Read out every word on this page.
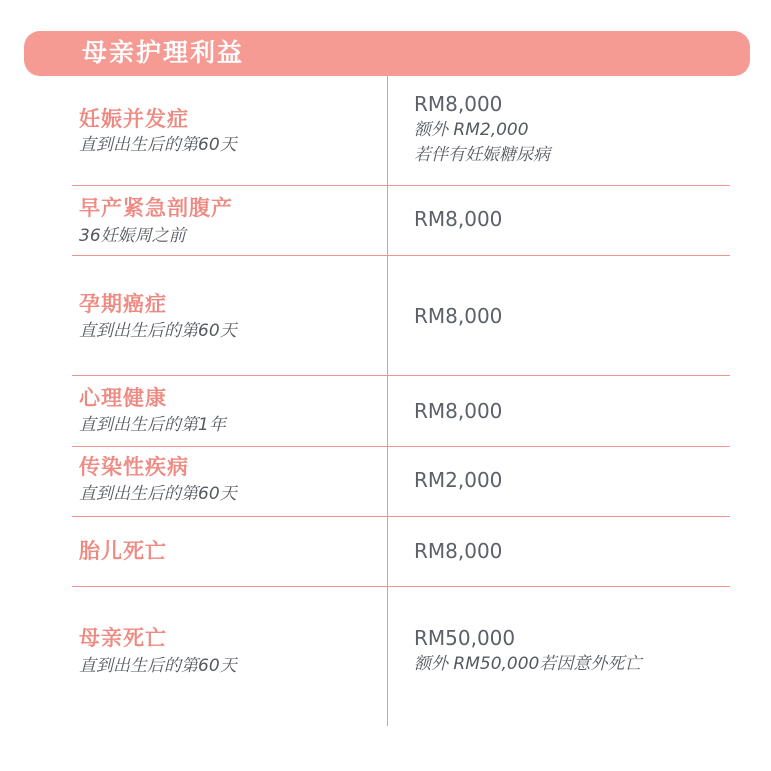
母亲护理利益
妊娠并发症
直到出生后的第60天
RM8,000
额外 RM2,000
若伴有妊娠糖尿病
早产紧急剖腹产
36妊娠周之前
RM8,000
孕期癌症
直到出生后的第60天
RM8,000
心理健康
直到出生后的第1年
RM8,000
传染性疾病
直到出生后的第60天
RM2,000
胎儿死亡	RM8,000
母亲死亡
直到出生后的第60天
RM50,000
额外 RM50,000若因意外死亡
